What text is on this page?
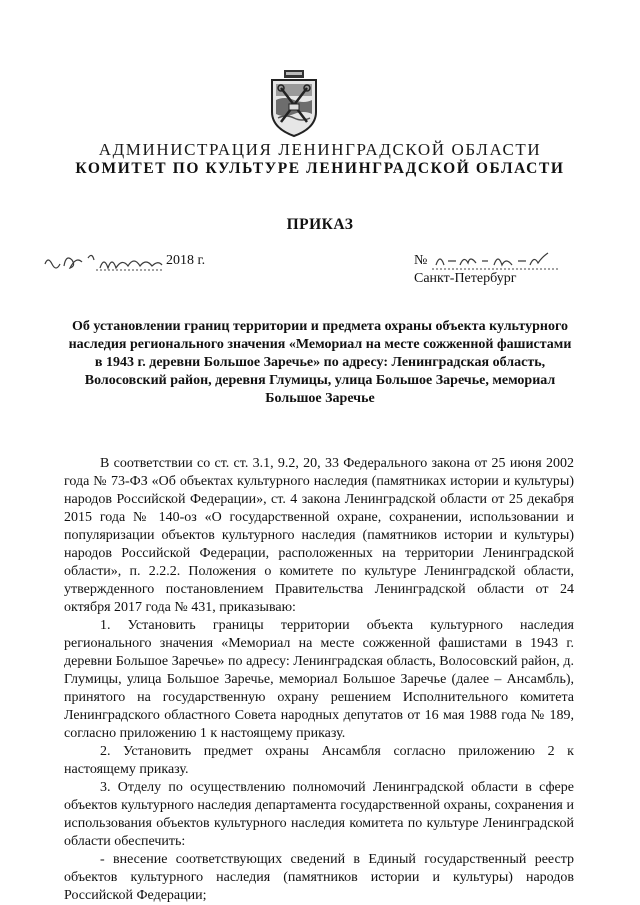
АДМИНИСТРАЦИЯ ЛЕНИНГРАДСКОЙ ОБЛАСТИ
КОМИТЕТ ПО КУЛЬТУРЕ ЛЕНИНГРАДСКОЙ ОБЛАСТИ
ПРИКАЗ
2018 г.	№
Санкт-Петербург
Об установлении границ территории и предмета охраны объекта культурного
наследия регионального значения «Мемориал на месте сожженной фашистами
в 1943 г. деревни Большое Заречье» по адресу: Ленинградская область,
Волосовский район, деревня Глумицы, улица Большое Заречье, мемориал
Большое Заречье

В соответствии со ст. ст. 3.1, 9.2, 20, 33 Федерального закона от 25 июня 2002 года № 73-ФЗ «Об объектах культурного наследия (памятниках истории и культуры) народов Российской Федерации», ст. 4 закона Ленинградской области от 25 декабря 2015 года № 140-оз «О государственной охране, сохранении, использовании и популяризации объектов культурного наследия (памятников истории и культуры) народов Российской Федерации, расположенных на территории Ленинградской области», п. 2.2.2. Положения о комитете по культуре Ленинградской области, утвержденного постановлением Правительства Ленинградской области от 24 октября 2017 года № 431, приказываю:

1. Установить границы территории объекта культурного наследия регионального значения «Мемориал на месте сожженной фашистами в 1943 г. деревни Большое Заречье» по адресу: Ленинградская область, Волосовский район, д. Глумицы, улица Большое Заречье, мемориал Большое Заречье (далее – Ансамбль), принятого на государственную охрану решением Исполнительного комитета Ленинградского областного Совета народных депутатов от 16 мая 1988 года № 189, согласно приложению 1 к настоящему приказу.

2. Установить предмет охраны Ансамбля согласно приложению 2 к настоящему приказу.

3. Отделу по осуществлению полномочий Ленинградской области в сфере объектов культурного наследия департамента государственной охраны, сохранения и использования объектов культурного наследия комитета по культуре Ленинградской области обеспечить:

- внесение соответствующих сведений в Единый государственный реестр объектов культурного наследия (памятников истории и культуры) народов Российской Федерации;
